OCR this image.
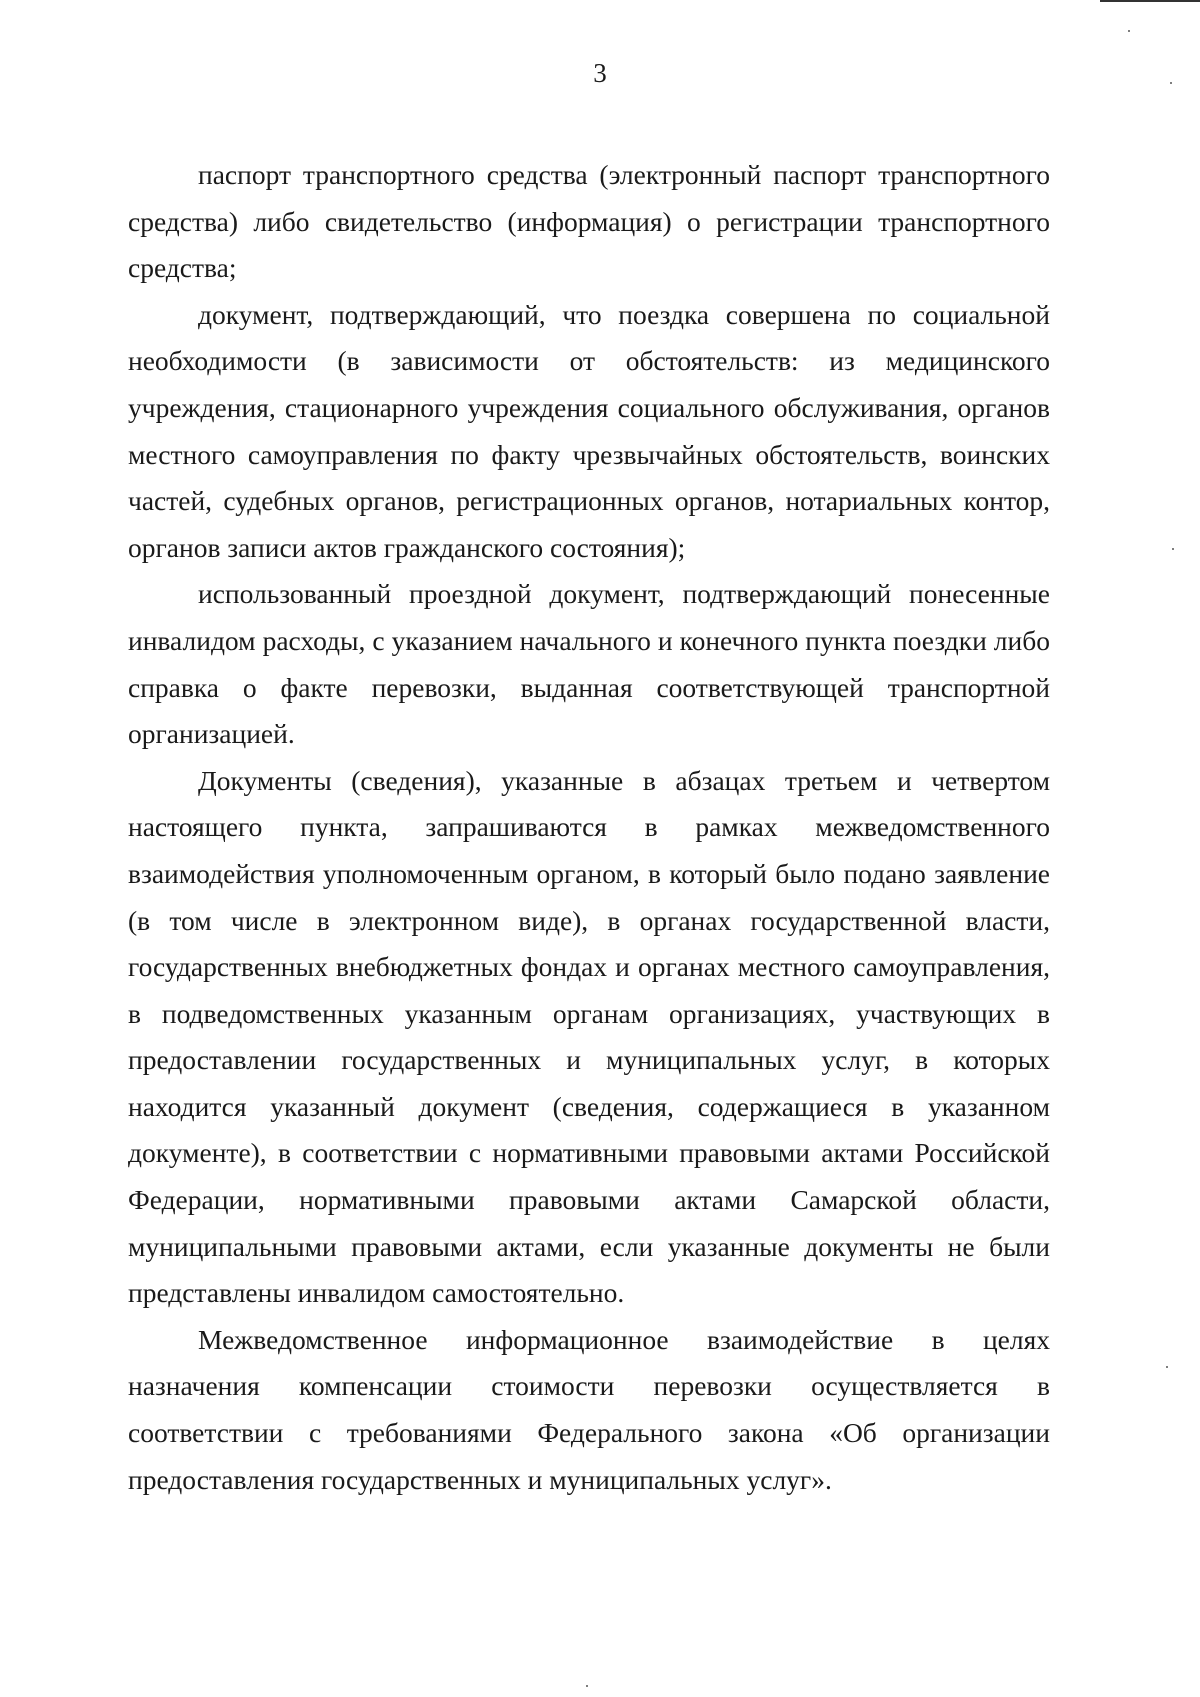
3

паспорт транспортного средства (электронный паспорт транспортного средства) либо свидетельство (информация) о регистрации транспортного средства;

документ, подтверждающий, что поездка совершена по социальной необходимости (в зависимости от обстоятельств: из медицинского учреждения, стационарного учреждения социального обслуживания, органов местного самоуправления по факту чрезвычайных обстоятельств, воинских частей, судебных органов, регистрационных органов, нотариальных контор, органов записи актов гражданского состояния);

использованный проездной документ, подтверждающий понесенные инвалидом расходы, с указанием начального и конечного пункта поездки либо справка о факте перевозки, выданная соответствующей транспортной организацией.

Документы (сведения), указанные в абзацах третьем и четвертом настоящего пункта, запрашиваются в рамках межведомственного взаимодействия уполномоченным органом, в который было подано заявление (в том числе в электронном виде), в органах государственной власти, государственных внебюджетных фондах и органах местного самоуправления, в подведомственных указанным органам организациях, участвующих в предоставлении государственных и муниципальных услуг, в которых находится указанный документ (сведения, содержащиеся в указанном документе), в соответствии с нормативными правовыми актами Российской Федерации, нормативными правовыми актами Самарской области, муниципальными правовыми актами, если указанные документы не были представлены инвалидом самостоятельно.

Межведомственное информационное взаимодействие в целях назначения компенсации стоимости перевозки осуществляется в соответствии с требованиями Федерального закона «Об организации предоставления государственных и муниципальных услуг».
